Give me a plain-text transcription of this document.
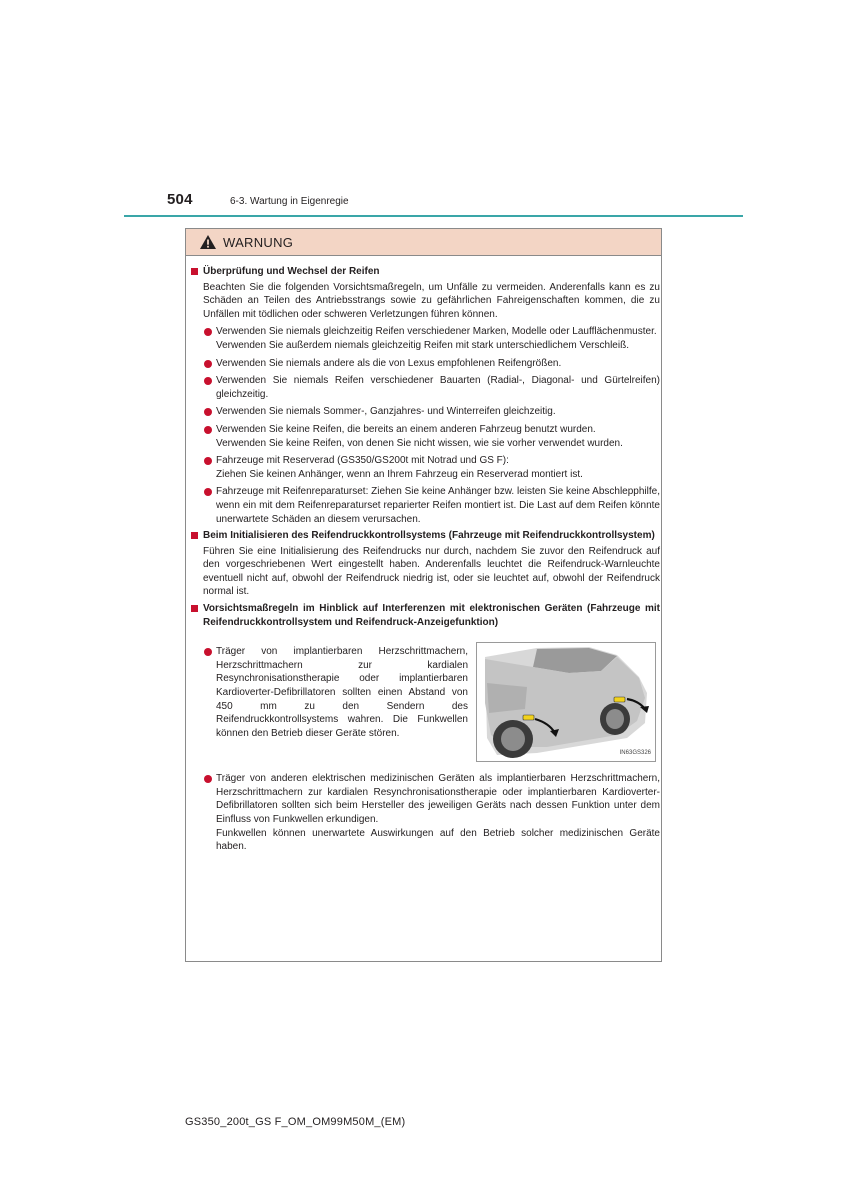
504	6-3. Wartung in Eigenregie
WARNUNG
Überprüfung und Wechsel der Reifen
Beachten Sie die folgenden Vorsichtsmaßregeln, um Unfälle zu vermeiden. Anderenfalls kann es zu Schäden an Teilen des Antriebsstrangs sowie zu gefährlichen Fahreigenschaften kommen, die zu Unfällen mit tödlichen oder schweren Verletzungen führen können.
Verwenden Sie niemals gleichzeitig Reifen verschiedener Marken, Modelle oder Laufflächenmuster.
Verwenden Sie außerdem niemals gleichzeitig Reifen mit stark unterschiedlichem Verschleiß.
Verwenden Sie niemals andere als die von Lexus empfohlenen Reifengrößen.
Verwenden Sie niemals Reifen verschiedener Bauarten (Radial-, Diagonal- und Gürtelreifen) gleichzeitig.
Verwenden Sie niemals Sommer-, Ganzjahres- und Winterreifen gleichzeitig.
Verwenden Sie keine Reifen, die bereits an einem anderen Fahrzeug benutzt wurden.
Verwenden Sie keine Reifen, von denen Sie nicht wissen, wie sie vorher verwendet wurden.
Fahrzeuge mit Reserverad (GS350/GS200t mit Notrad und GS F):
Ziehen Sie keinen Anhänger, wenn an Ihrem Fahrzeug ein Reserverad montiert ist.
Fahrzeuge mit Reifenreparaturset: Ziehen Sie keine Anhänger bzw. leisten Sie keine Abschlepphilfe, wenn ein mit dem Reifenreparaturset reparierter Reifen montiert ist. Die Last auf dem Reifen könnte unerwartete Schäden an diesem verursachen.
Beim Initialisieren des Reifendruckkontrollsystems (Fahrzeuge mit Reifendruckkontrollsystem)
Führen Sie eine Initialisierung des Reifendrucks nur durch, nachdem Sie zuvor den Reifendruck auf den vorgeschriebenen Wert eingestellt haben. Anderenfalls leuchtet die Reifendruck-Warnleuchte eventuell nicht auf, obwohl der Reifendruck niedrig ist, oder sie leuchtet auf, obwohl der Reifendruck normal ist.
Vorsichtsmaßregeln im Hinblick auf Interferenzen mit elektronischen Geräten (Fahrzeuge mit Reifendruckkontrollsystem und Reifendruck-Anzeigefunktion)
Träger von implantierbaren Herzschrittmachern, Herzschrittmachern zur kardialen Resynchronisationstherapie oder implantierbaren Kardioverter-Defibrillatoren sollten einen Abstand von 450 mm zu den Sendern des Reifendruckkontrollsystems wahren. Die Funkwellen können den Betrieb dieser Geräte stören.
IN63GS326
Träger von anderen elektrischen medizinischen Geräten als implantierbaren Herzschrittmachern, Herzschrittmachern zur kardialen Resynchronisationstherapie oder implantierbaren Kardioverter-Defibrillatoren sollten sich beim Hersteller des jeweiligen Geräts nach dessen Funktion unter dem Einfluss von Funkwellen erkundigen.
Funkwellen können unerwartete Auswirkungen auf den Betrieb solcher medizinischen Geräte haben.
GS350_200t_GS F_OM_OM99M50M_(EM)
